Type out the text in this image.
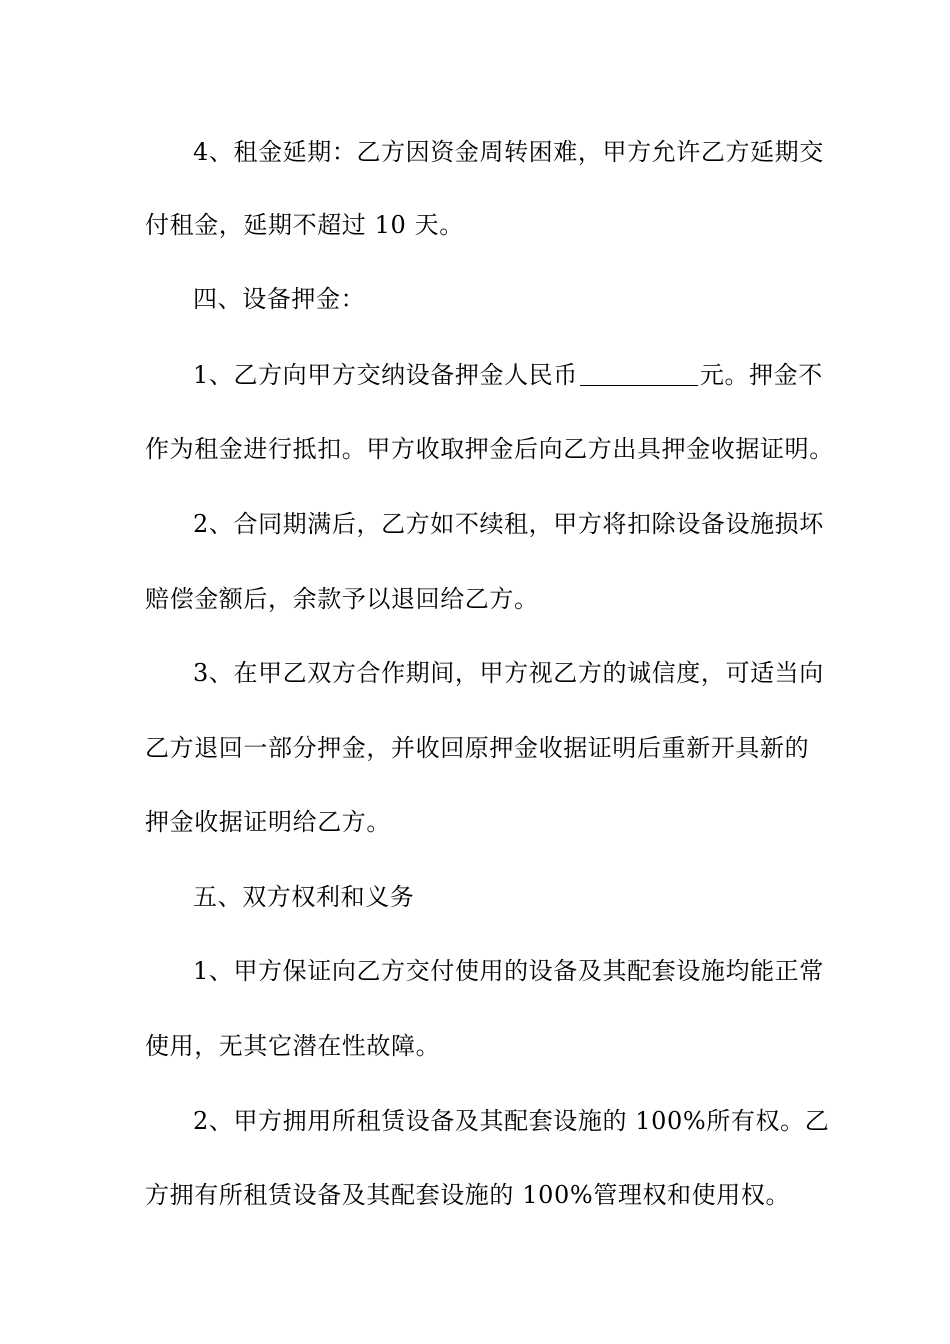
4、租金延期：乙方因资金周转困难，甲方允许乙方延期交

付租金，延期不超过 10 天。

四、设备押金：

1、乙方向甲方交纳设备押金人民币	元。押金不

作为租金进行抵扣。甲方收取押金后向乙方出具押金收据证明。

2、合同期满后，乙方如不续租，甲方将扣除设备设施损坏

赔偿金额后，余款予以退回给乙方。

3、在甲乙双方合作期间，甲方视乙方的诚信度，可适当向

乙方退回一部分押金，并收回原押金收据证明后重新开具新的

押金收据证明给乙方。

五、双方权利和义务

1、甲方保证向乙方交付使用的设备及其配套设施均能正常

使用，无其它潜在性故障。

2、甲方拥用所租赁设备及其配套设施的 100%所有权。乙

方拥有所租赁设备及其配套设施的 100%管理权和使用权。
